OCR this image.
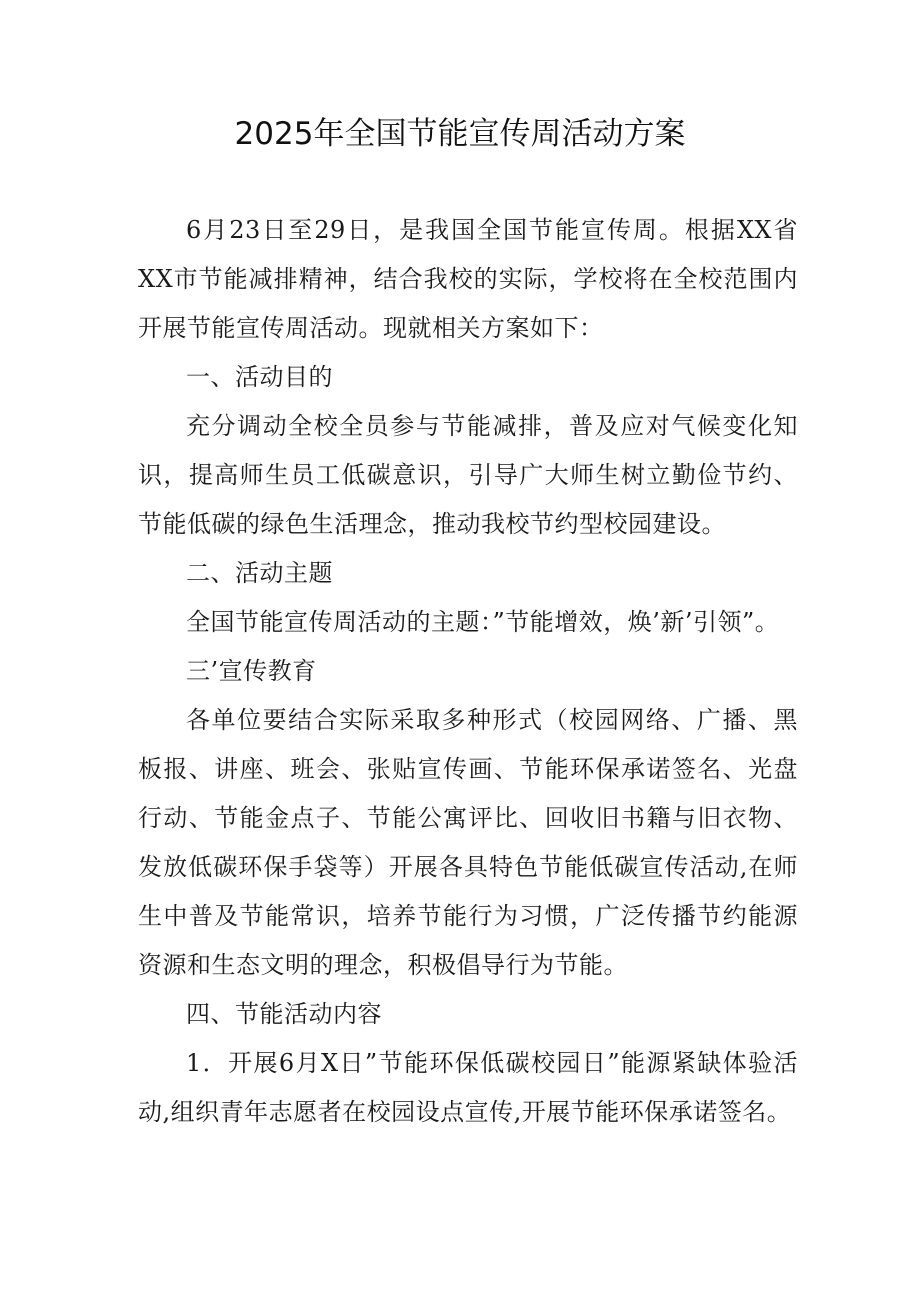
2025年全国节能宣传周活动方案

6月23日至29日，是我国全国节能宣传周。根据XX省XX市节能减排精神，结合我校的实际，学校将在全校范围内开展节能宣传周活动。现就相关方案如下：

一、活动目的

充分调动全校全员参与节能减排，普及应对气候变化知识，提高师生员工低碳意识，引导广大师生树立勤俭节约、节能低碳的绿色生活理念，推动我校节约型校园建设。

二、活动主题

全国节能宣传周活动的主题：”节能增效，焕’新’引领”。

三’宣传教育

各单位要结合实际采取多种形式（校园网络、广播、黑板报、讲座、班会、张贴宣传画、节能环保承诺签名、光盘行动、节能金点子、节能公寓评比、回收旧书籍与旧衣物、发放低碳环保手袋等）开展各具特色节能低碳宣传活动,在师生中普及节能常识，培养节能行为习惯，广泛传播节约能源资源和生态文明的理念，积极倡导行为节能。

四、节能活动内容

1．开展6月X日”节能环保低碳校园日”能源紧缺体验活动,组织青年志愿者在校园设点宣传,开展节能环保承诺签名。
